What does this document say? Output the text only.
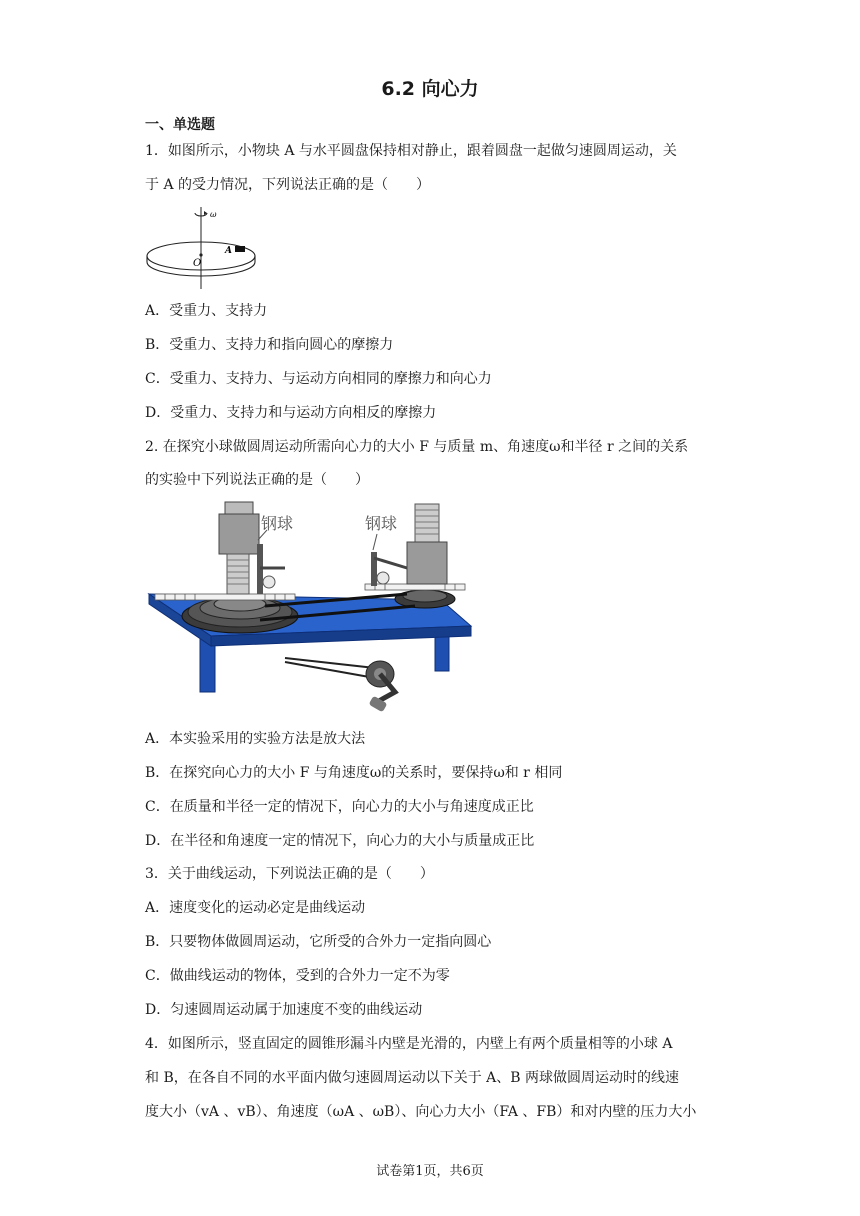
6.2 向心力
一、单选题
1．如图所示，小物块 A 与水平圆盘保持相对静止，跟着圆盘一起做匀速圆周运动，关
于 A 的受力情况，下列说法正确的是（　　）
ω
O
A
A．受重力、支持力
B．受重力、支持力和指向圆心的摩擦力
C．受重力、支持力、与运动方向相同的摩擦力和向心力
D．受重力、支持力和与运动方向相反的摩擦力
2. 在探究小球做圆周运动所需向心力的大小 F 与质量 m、角速度ω和半径 r 之间的关系
的实验中下列说法正确的是（　　）
钢球	钢球
A．本实验采用的实验方法是放大法
B．在探究向心力的大小 F 与角速度ω的关系时，要保持ω和 r 相同
C．在质量和半径一定的情况下，向心力的大小与角速度成正比
D．在半径和角速度一定的情况下，向心力的大小与质量成正比
3．关于曲线运动，下列说法正确的是（　　）
A．速度变化的运动必定是曲线运动
B．只要物体做圆周运动，它所受的合外力一定指向圆心
C．做曲线运动的物体，受到的合外力一定不为零
D．匀速圆周运动属于加速度不变的曲线运动
4．如图所示，竖直固定的圆锥形漏斗内壁是光滑的，内壁上有两个质量相等的小球 A
和 B，在各自不同的水平面内做匀速圆周运动以下关于 A、B 两球做圆周运动时的线速
度大小（vA 、vB）、角速度（ωA 、ωB）、向心力大小（FA 、FB）和对内壁的压力大小
试卷第1页，共6页
